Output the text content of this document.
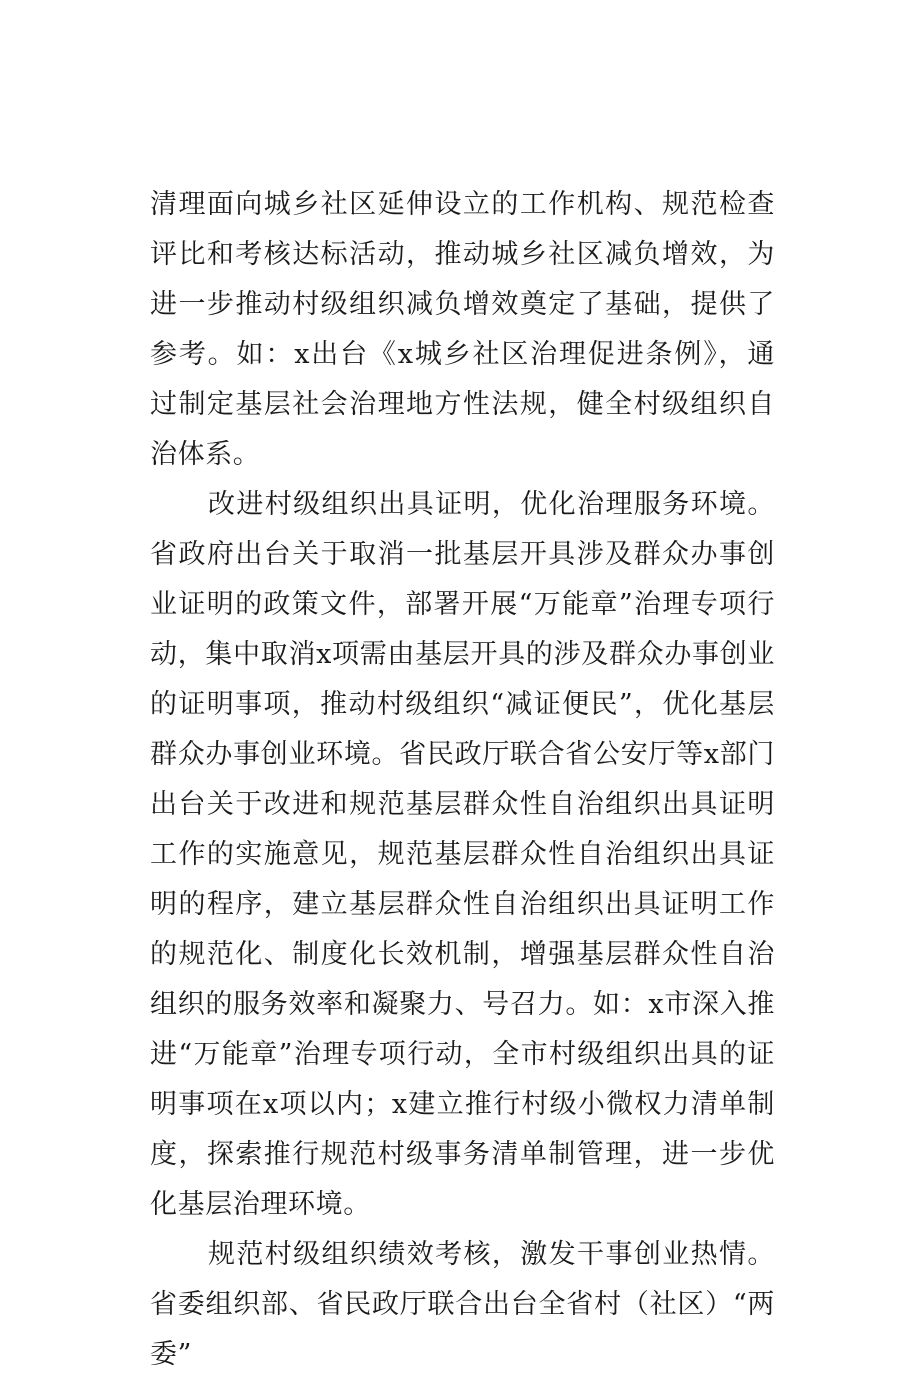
清理面向城乡社区延伸设立的工作机构、规范检查评比和考核达标活动，推动城乡社区减负增效，为进一步推动村级组织减负增效奠定了基础，提供了参考。如：x出台《x城乡社区治理促进条例》，通过制定基层社会治理地方性法规，健全村级组织自治体系。

改进村级组织出具证明，优化治理服务环境。省政府出台关于取消一批基层开具涉及群众办事创业证明的政策文件，部署开展“万能章”治理专项行动，集中取消x项需由基层开具的涉及群众办事创业的证明事项，推动村级组织“减证便民”，优化基层群众办事创业环境。省民政厅联合省公安厅等x部门出台关于改进和规范基层群众性自治组织出具证明工作的实施意见，规范基层群众性自治组织出具证明的程序，建立基层群众性自治组织出具证明工作的规范化、制度化长效机制，增强基层群众性自治组织的服务效率和凝聚力、号召力。如：x市深入推进“万能章”治理专项行动，全市村级组织出具的证明事项在x项以内；x建立推行村级小微权力清单制度，探索推行规范村级事务清单制管理，进一步优化基层治理环境。

规范村级组织绩效考核，激发干事创业热情。省委组织部、省民政厅联合出台全省村（社区）“两委”
